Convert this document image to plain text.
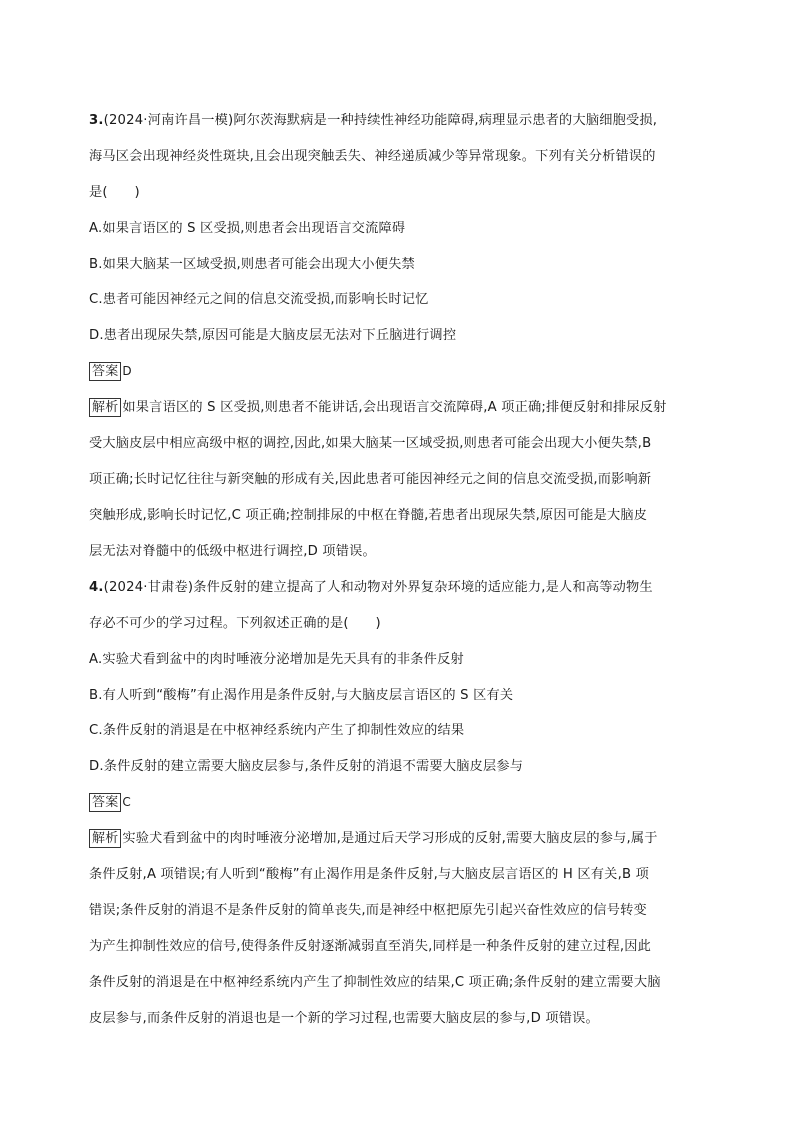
3.(2024·河南许昌一模)阿尔茨海默病是一种持续性神经功能障碍,病理显示患者的大脑细胞受损,
海马区会出现神经炎性斑块,且会出现突触丢失、神经递质减少等异常现象。下列有关分析错误的
是(　　)
A.如果言语区的 S 区受损,则患者会出现语言交流障碍
B.如果大脑某一区域受损,则患者可能会出现大小便失禁
C.患者可能因神经元之间的信息交流受损,而影响长时记忆
D.患者出现尿失禁,原因可能是大脑皮层无法对下丘脑进行调控
答案 D
解析 如果言语区的 S 区受损,则患者不能讲话,会出现语言交流障碍,A 项正确;排便反射和排尿反射
受大脑皮层中相应高级中枢的调控,因此,如果大脑某一区域受损,则患者可能会出现大小便失禁,B
项正确;长时记忆往往与新突触的形成有关,因此患者可能因神经元之间的信息交流受损,而影响新
突触形成,影响长时记忆,C 项正确;控制排尿的中枢在脊髓,若患者出现尿失禁,原因可能是大脑皮
层无法对脊髓中的低级中枢进行调控,D 项错误。
4.(2024·甘肃卷)条件反射的建立提高了人和动物对外界复杂环境的适应能力,是人和高等动物生
存必不可少的学习过程。下列叙述正确的是(　　)
A.实验犬看到盆中的肉时唾液分泌增加是先天具有的非条件反射
B.有人听到“酸梅”有止渴作用是条件反射,与大脑皮层言语区的 S 区有关
C.条件反射的消退是在中枢神经系统内产生了抑制性效应的结果
D.条件反射的建立需要大脑皮层参与,条件反射的消退不需要大脑皮层参与
答案 C
解析 实验犬看到盆中的肉时唾液分泌增加,是通过后天学习形成的反射,需要大脑皮层的参与,属于
条件反射,A 项错误;有人听到“酸梅”有止渴作用是条件反射,与大脑皮层言语区的 H 区有关,B 项
错误;条件反射的消退不是条件反射的简单丧失,而是神经中枢把原先引起兴奋性效应的信号转变
为产生抑制性效应的信号,使得条件反射逐渐减弱直至消失,同样是一种条件反射的建立过程,因此
条件反射的消退是在中枢神经系统内产生了抑制性效应的结果,C 项正确;条件反射的建立需要大脑
皮层参与,而条件反射的消退也是一个新的学习过程,也需要大脑皮层的参与,D 项错误。
